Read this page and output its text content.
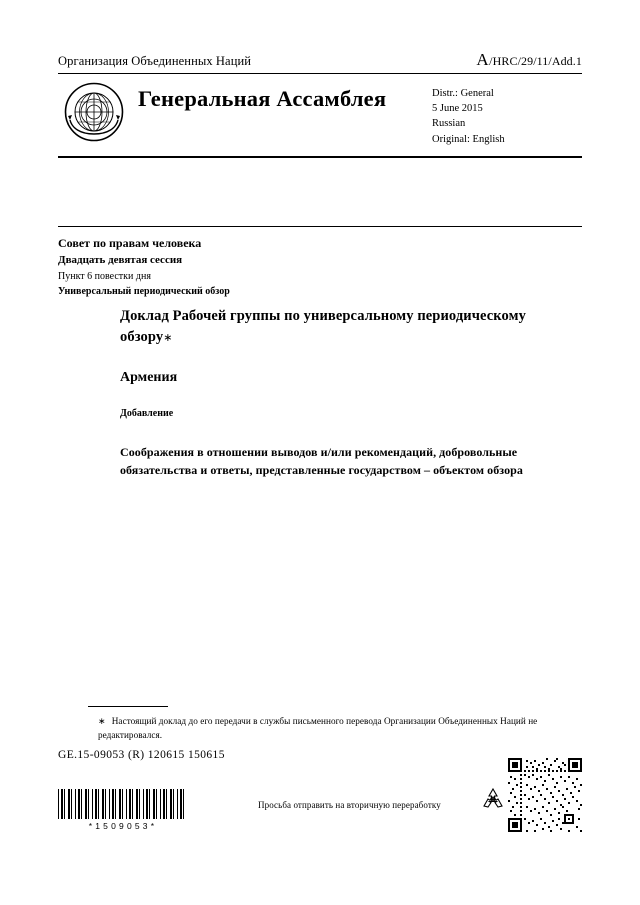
Организация Объединенных Наций	A/HRC/29/11/Add.1
Генеральная Ассамблея	Distr.: General
5 June 2015
Russian
Original: English
Совет по правам человека
Двадцать девятая сессия
Пункт 6 повестки дня
Универсальный периодический обзор
Доклад Рабочей группы по универсальному периодическому обзору∗
Армения
Добавление
Соображения в отношении выводов и/или рекомендаций, добровольные обязательства и ответы, представленные государством – объектом обзора
∗ Настоящий доклад до его передачи в службы письменного перевода Организации Объединенных Наций не редактировался.
GE.15-09053 (R) 120615 150615
*1509053*
Просьба отправить на вторичную переработку
